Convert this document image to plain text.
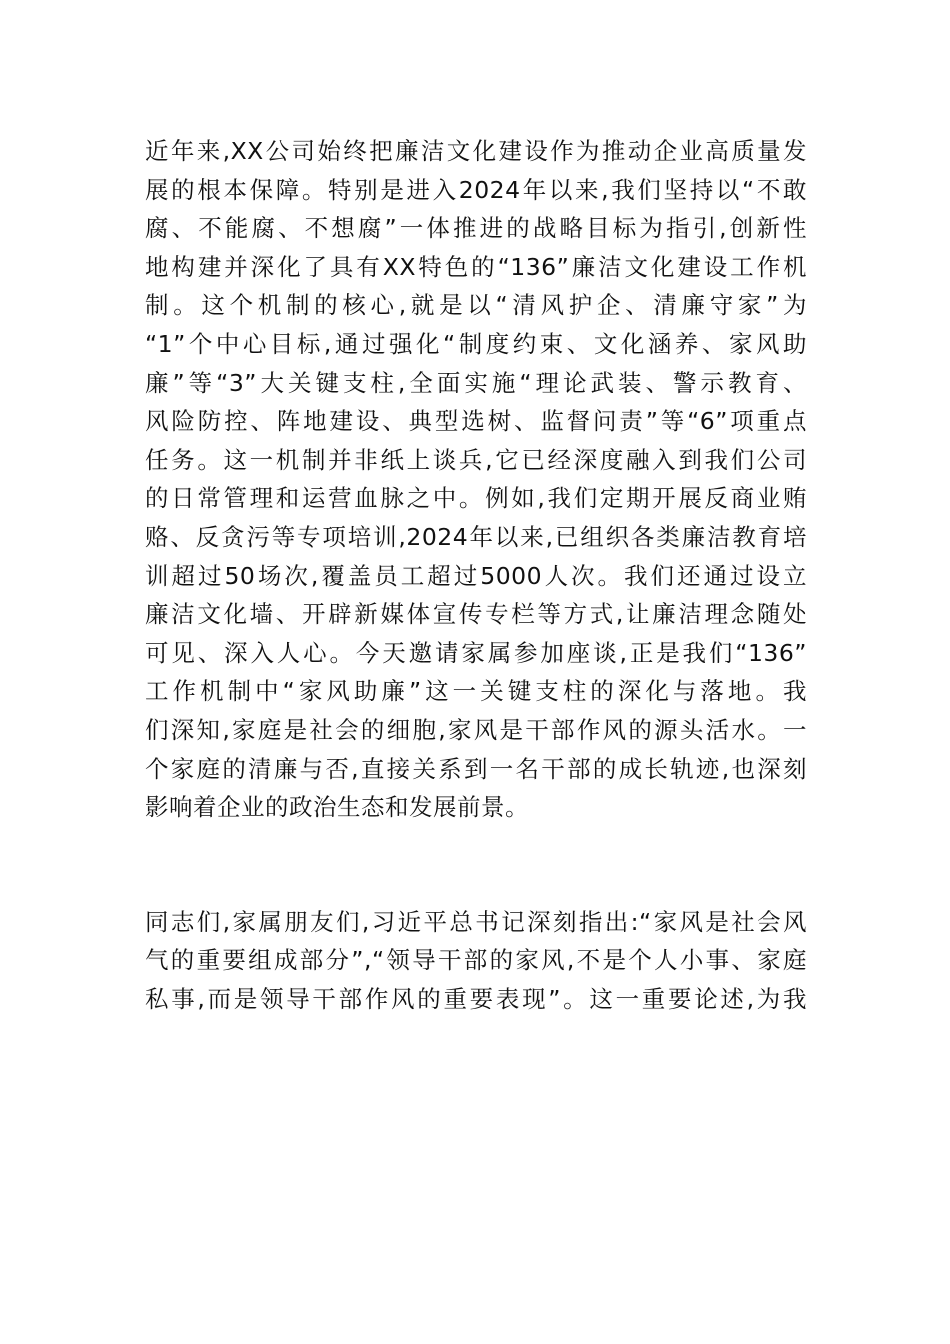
近年来,XX公司始终把廉洁文化建设作为推动企业高质量发
展的根本保障。特别是进入2024年以来,我们坚持以“不敢
腐、不能腐、不想腐”一体推进的战略目标为指引,创新性
地构建并深化了具有XX特色的“136”廉洁文化建设工作机
制。这个机制的核心,就是以“清风护企、清廉守家”为
“1”个中心目标,通过强化“制度约束、文化涵养、家风助
廉”等“3”大关键支柱,全面实施“理论武装、警示教育、
风险防控、阵地建设、典型选树、监督问责”等“6”项重点
任务。这一机制并非纸上谈兵,它已经深度融入到我们公司
的日常管理和运营血脉之中。例如,我们定期开展反商业贿
赂、反贪污等专项培训,2024年以来,已组织各类廉洁教育培
训超过50场次,覆盖员工超过5000人次。我们还通过设立
廉洁文化墙、开辟新媒体宣传专栏等方式,让廉洁理念随处
可见、深入人心。今天邀请家属参加座谈,正是我们“136”
工作机制中“家风助廉”这一关键支柱的深化与落地。我
们深知,家庭是社会的细胞,家风是干部作风的源头活水。一
个家庭的清廉与否,直接关系到一名干部的成长轨迹,也深刻
影响着企业的政治生态和发展前景。
同志们,家属朋友们,习近平总书记深刻指出:“家风是社会风
气的重要组成部分”,“领导干部的家风,不是个人小事、家庭
私事,而是领导干部作风的重要表现”。这一重要论述,为我
